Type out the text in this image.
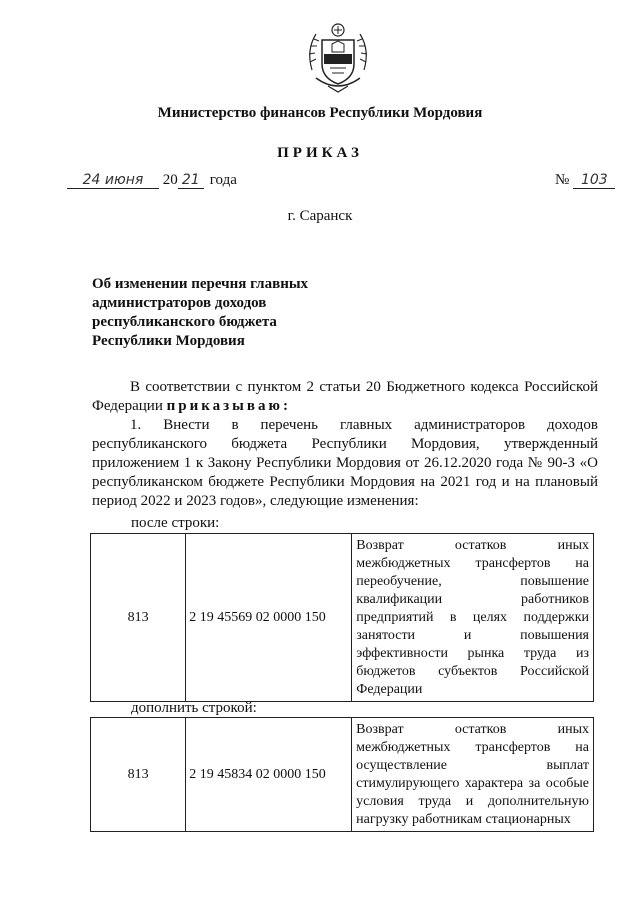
Министерство финансов Республики Мордовия
ПРИКАЗ
24 июня 20 21 года	№ 103
г. Саранск
Об изменении перечня главных администраторов доходов республиканского бюджета Республики Мордовия

В соответствии с пунктом 2 статьи 20 Бюджетного кодекса Российской Федерации приказываю:

1. Внести в перечень главных администраторов доходов республиканского бюджета Республики Мордовия, утвержденный приложением 1 к Закону Республики Мордовия от 26.12.2020 года № 90-З «О республиканском бюджете Республики Мордовия на 2021 год и на плановый период 2022 и 2023 годов», следующие изменения:

после строки:
813	2 19 45569 02 0000 150	Возврат остатков иных межбюджетных трансфертов на переобучение, повышение квалификации работников предприятий в целях поддержки занятости и повышения эффективности рынка труда из бюджетов субъектов Российской Федерации
дополнить строкой:
813	2 19 45834 02 0000 150	Возврат остатков иных межбюджетных трансфертов на осуществление выплат стимулирующего характера за особые условия труда и дополнительную нагрузку работникам стационарных
